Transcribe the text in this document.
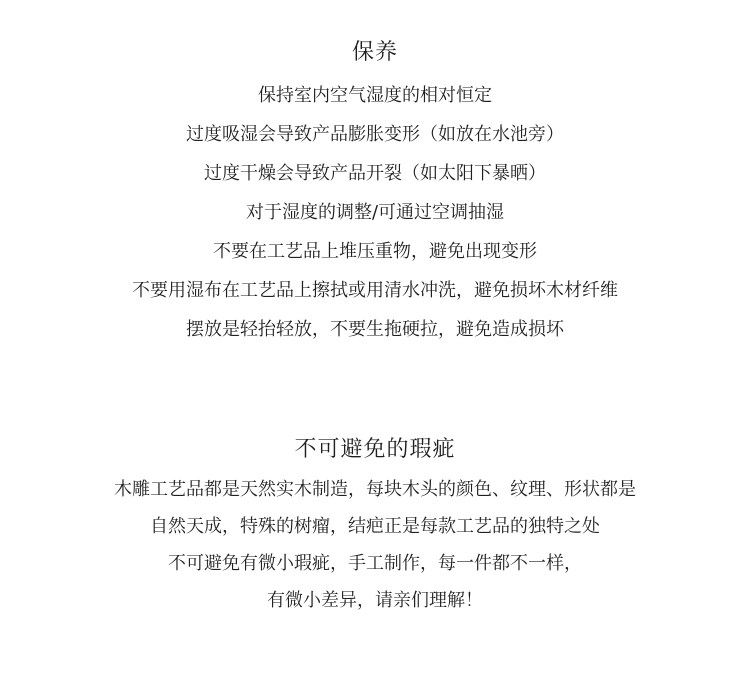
保养
保持室内空气湿度的相对恒定
过度吸湿会导致产品膨胀变形（如放在水池旁）
过度干燥会导致产品开裂（如太阳下暴晒）
对于湿度的调整/可通过空调抽湿
不要在工艺品上堆压重物，避免出现变形
不要用湿布在工艺品上擦拭或用清水冲洗，避免损坏木材纤维
摆放是轻抬轻放，不要生拖硬拉，避免造成损坏
不可避免的瑕疵
木雕工艺品都是天然实木制造，每块木头的颜色、纹理、形状都是
自然天成，特殊的树瘤，结疤正是每款工艺品的独特之处
不可避免有微小瑕疵，手工制作，每一件都不一样，
有微小差异，请亲们理解！
